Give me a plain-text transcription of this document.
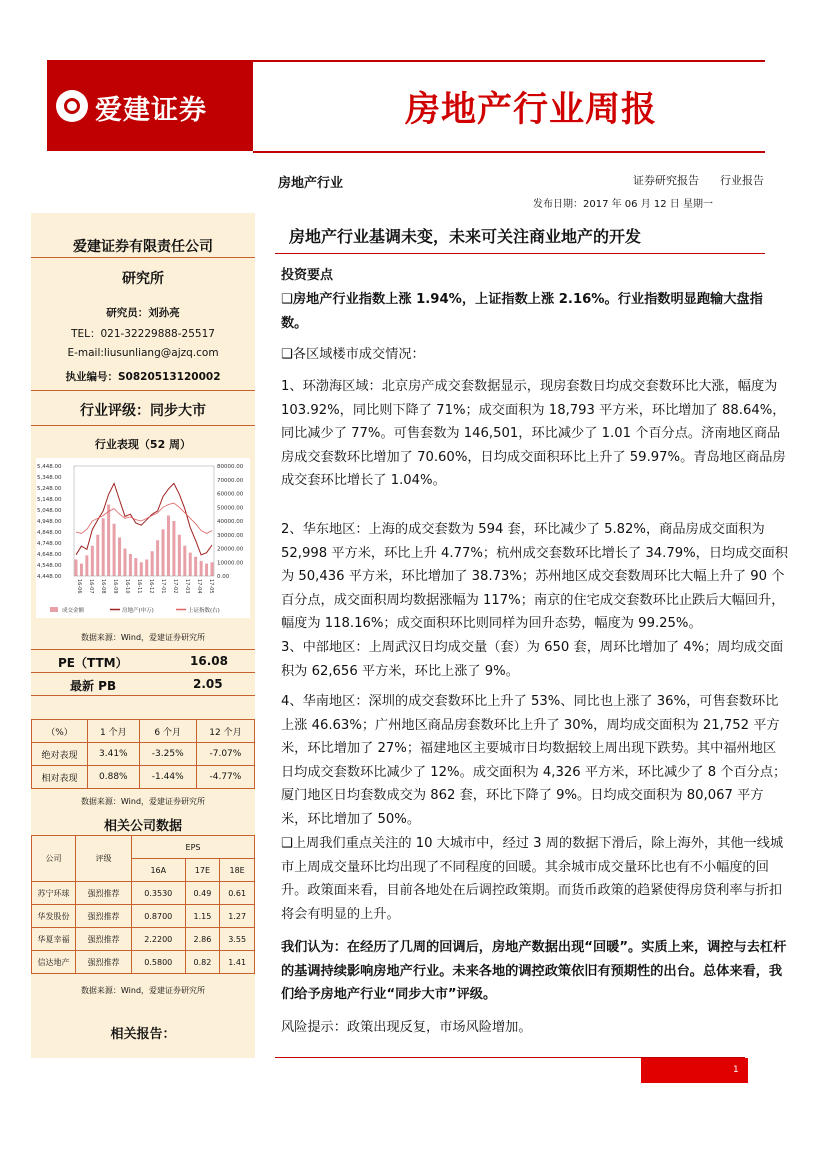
爱建证券	房地产行业周报
房地产行业	证券研究报告 行业报告
发布日期：2017 年 06 月 12 日 星期一
爱建证券有限责任公司
研究所
研究员：刘孙亮
TEL：021-32229888-25517
E-mail:liusunliang@ajzq.com
执业编号：S0820513120002
行业评级：同步大市
行业表现（52 周）
5,448.00
5,348.00
5,248.00
5,148.00
5,048.00
4,948.00
4,848.00
4,748.00
4,648.00
4,548.00
4,448.00
80000.00
70000.00
60000.00
50000.00
40000.00
30000.00
20000.00
10000.00
0.00
16-06 16-07 16-08 16-09 16-10 16-11 16-12 17-01 17-02 17-03 17-04 17-05
成交金额	房地产(申万)	上证指数(右)
数据来源：Wind，爱建证券研究所
PE（TTM）	16.08
最新 PB	2.05
（%）	1 个月	6 个月	12 个月
绝对表现	3.41%	-3.25%	-7.07%
相对表现	0.88%	-1.44%	-4.77%
数据来源：Wind，爱建证券研究所
相关公司数据
公司	评级	EPS		
		16A	17E	18E
苏宁环球	强烈推荐	0.3530	0.49	0.61
华发股份	强烈推荐	0.8700	1.15	1.27
华夏幸福	强烈推荐	2.2200	2.86	3.55
信达地产	强烈推荐	0.5800	0.82	1.41
数据来源：Wind，爱建证券研究所
相关报告：
房地产行业基调未变，未来可关注商业地产的开发
投资要点
❑房地产行业指数上涨 1.94%，上证指数上涨 2.16%。行业指数明显跑输大盘指数。
❑各区域楼市成交情况：
1、环渤海区域：北京房产成交套数据显示，现房套数日均成交套数环比大涨，幅度为 103.92%，同比则下降了 71%；成交面积为 18,793 平方米，环比增加了 88.64%，同比减少了 77%。可售套数为 146,501，环比减少了 1.01 个百分点。济南地区商品房成交套数环比增加了 70.60%，日均成交面积环比上升了 59.97%。青岛地区商品房成交套环比增长了 1.04%。
2、华东地区：上海的成交套数为 594 套，环比减少了 5.82%，商品房成交面积为 52,998 平方米，环比上升 4.77%；杭州成交套数环比增长了 34.79%，日均成交面积为 50,436 平方米，环比增加了 38.73%；苏州地区成交套数周环比大幅上升了 90 个百分点，成交面积周均数据涨幅为 117%；南京的住宅成交套数环比止跌后大幅回升，幅度为 118.16%；成交面积环比则同样为回升态势，幅度为 99.25%。
3、中部地区：上周武汉日均成交量（套）为 650 套，周环比增加了 4%；周均成交面积为 62,656 平方米，环比上涨了 9%。
4、华南地区：深圳的成交套数环比上升了 53%、同比也上涨了 36%，可售套数环比上涨 46.63%；广州地区商品房套数环比上升了 30%，周均成交面积为 21,752 平方米，环比增加了 27%；福建地区主要城市日均数据较上周出现下跌势。其中福州地区日均成交套数环比减少了 12%。成交面积为 4,326 平方米，环比减少了 8 个百分点；厦门地区日均套数成交为 862 套，环比下降了 9%。日均成交面积为 80,067 平方米，环比增加了 50%。
❑上周我们重点关注的 10 大城市中，经过 3 周的数据下滑后，除上海外，其他一线城市上周成交量环比均出现了不同程度的回暖。其余城市成交量环比也有不小幅度的回升。政策面来看，目前各地处在后调控政策期。而货币政策的趋紧使得房贷利率与折扣将会有明显的上升。
我们认为：在经历了几周的回调后，房地产数据出现“回暖”。实质上来，调控与去杠杆的基调持续影响房地产行业。未来各地的调控政策依旧有预期性的出台。总体来看，我们给予房地产行业“同步大市”评级。
风险提示：政策出现反复，市场风险增加。
1
